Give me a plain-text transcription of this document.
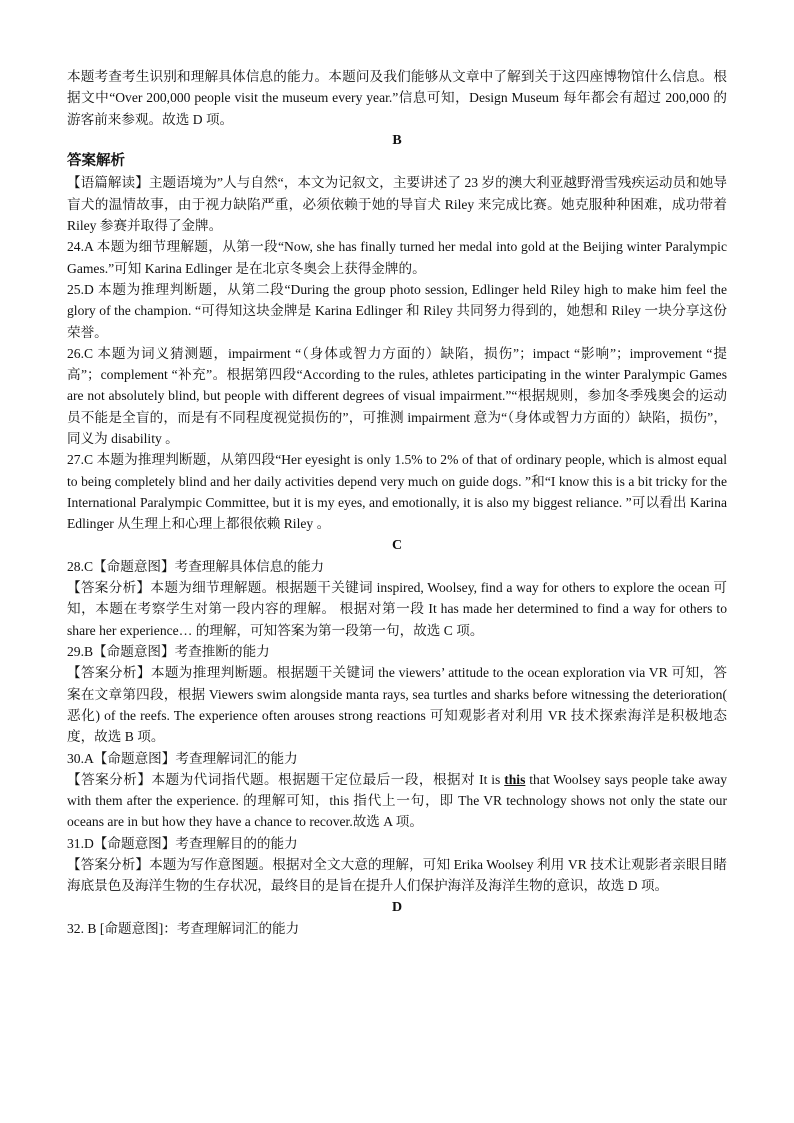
本题考查考生识别和理解具体信息的能力。本题问及我们能够从文章中了解到关于这四座博物馆什么信息。根据文中“Over 200,000 people visit the museum every year.”信息可知，Design Museum 每年都会有超过 200,000 的游客前来参观。故选 D 项。

B

答案解析

【语篇解读】主题语境为”人与自然“，本文为记叙文，主要讲述了 23 岁的澳大利亚越野滑雪残疾运动员和她导盲犬的温情故事，由于视力缺陷严重，必须依赖于她的导盲犬 Riley 来完成比赛。她克服种种困难，成功带着 Riley 参赛并取得了金牌。

24.A 本题为细节理解题，从第一段“Now, she has finally turned her medal into gold at the Beijing winter Paralympic Games.”可知 Karina Edlinger 是在北京冬奥会上获得金牌的。

25.D 本题为推理判断题，从第二段“During the group photo session, Edlinger held Riley high to make him feel the glory of the champion. “可得知这块金牌是 Karina Edlinger 和 Riley 共同努力得到的，她想和 Riley 一块分享这份荣誉。

26.C 本题为词义猜测题，impairment “（身体或智力方面的）缺陷，损伤”；impact “影响”；improvement “提高”；complement “补充”。根据第四段“According to the rules, athletes participating in the winter Paralympic Games are not absolutely blind, but people with different degrees of visual impairment.”“根据规则，参加冬季残奥会的运动员不能是全盲的，而是有不同程度视觉损伤的”，可推测 impairment 意为“（身体或智力方面的）缺陷，损伤”，同义为 disability 。

27.C 本题为推理判断题，从第四段“Her eyesight is only 1.5% to 2% of that of ordinary people, which is almost equal to being completely blind and her daily activities depend very much on guide dogs. ”和“I know this is a bit tricky for the International Paralympic Committee, but it is my eyes, and emotionally, it is also my biggest reliance. ”可以看出 Karina Edlinger 从生理上和心理上都很依赖 Riley 。

C

28.C【命题意图】考查理解具体信息的能力

【答案分析】本题为细节理解题。根据题干关键词 inspired, Woolsey, find a way for others to explore the ocean 可知，本题在考察学生对第一段内容的理解。 根据对第一段 It has made her determined to find a way for others to share her experience… 的理解，可知答案为第一段第一句，故选 C 项。

29.B【命题意图】考查推断的能力

【答案分析】本题为推理判断题。根据题干关键词 the viewers’ attitude to the ocean exploration via VR 可知，答案在文章第四段，根据 Viewers swim alongside manta rays, sea turtles and sharks before witnessing the deterioration( 恶化) of the reefs. The experience often arouses strong reactions 可知观影者对利用 VR 技术探索海洋是积极地态度，故选 B 项。

30.A【命题意图】考查理解词汇的能力

【答案分析】本题为代词指代题。根据题干定位最后一段，根据对 It is this that Woolsey says people take away with them after the experience. 的理解可知，this 指代上一句，即 The VR technology shows not only the state our oceans are in but how they have a chance to recover.故选 A 项。

31.D【命题意图】考查理解目的的能力

【答案分析】本题为写作意图题。根据对全文大意的理解，可知 Erika Woolsey 利用 VR 技术让观影者亲眼目睹海底景色及海洋生物的生存状况，最终目的是旨在提升人们保护海洋及海洋生物的意识，故选 D 项。

D

32. B [命题意图]：考查理解词汇的能力
